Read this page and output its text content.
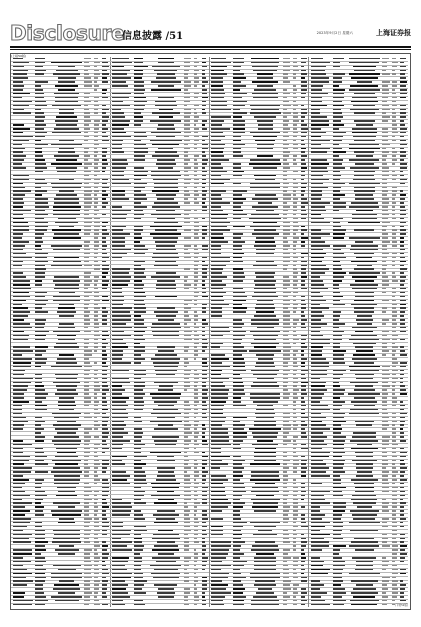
Disclosure
信息披露 /51	2023年9月2日 星期六	上海证券报
(上接50版)
(下转52版)
